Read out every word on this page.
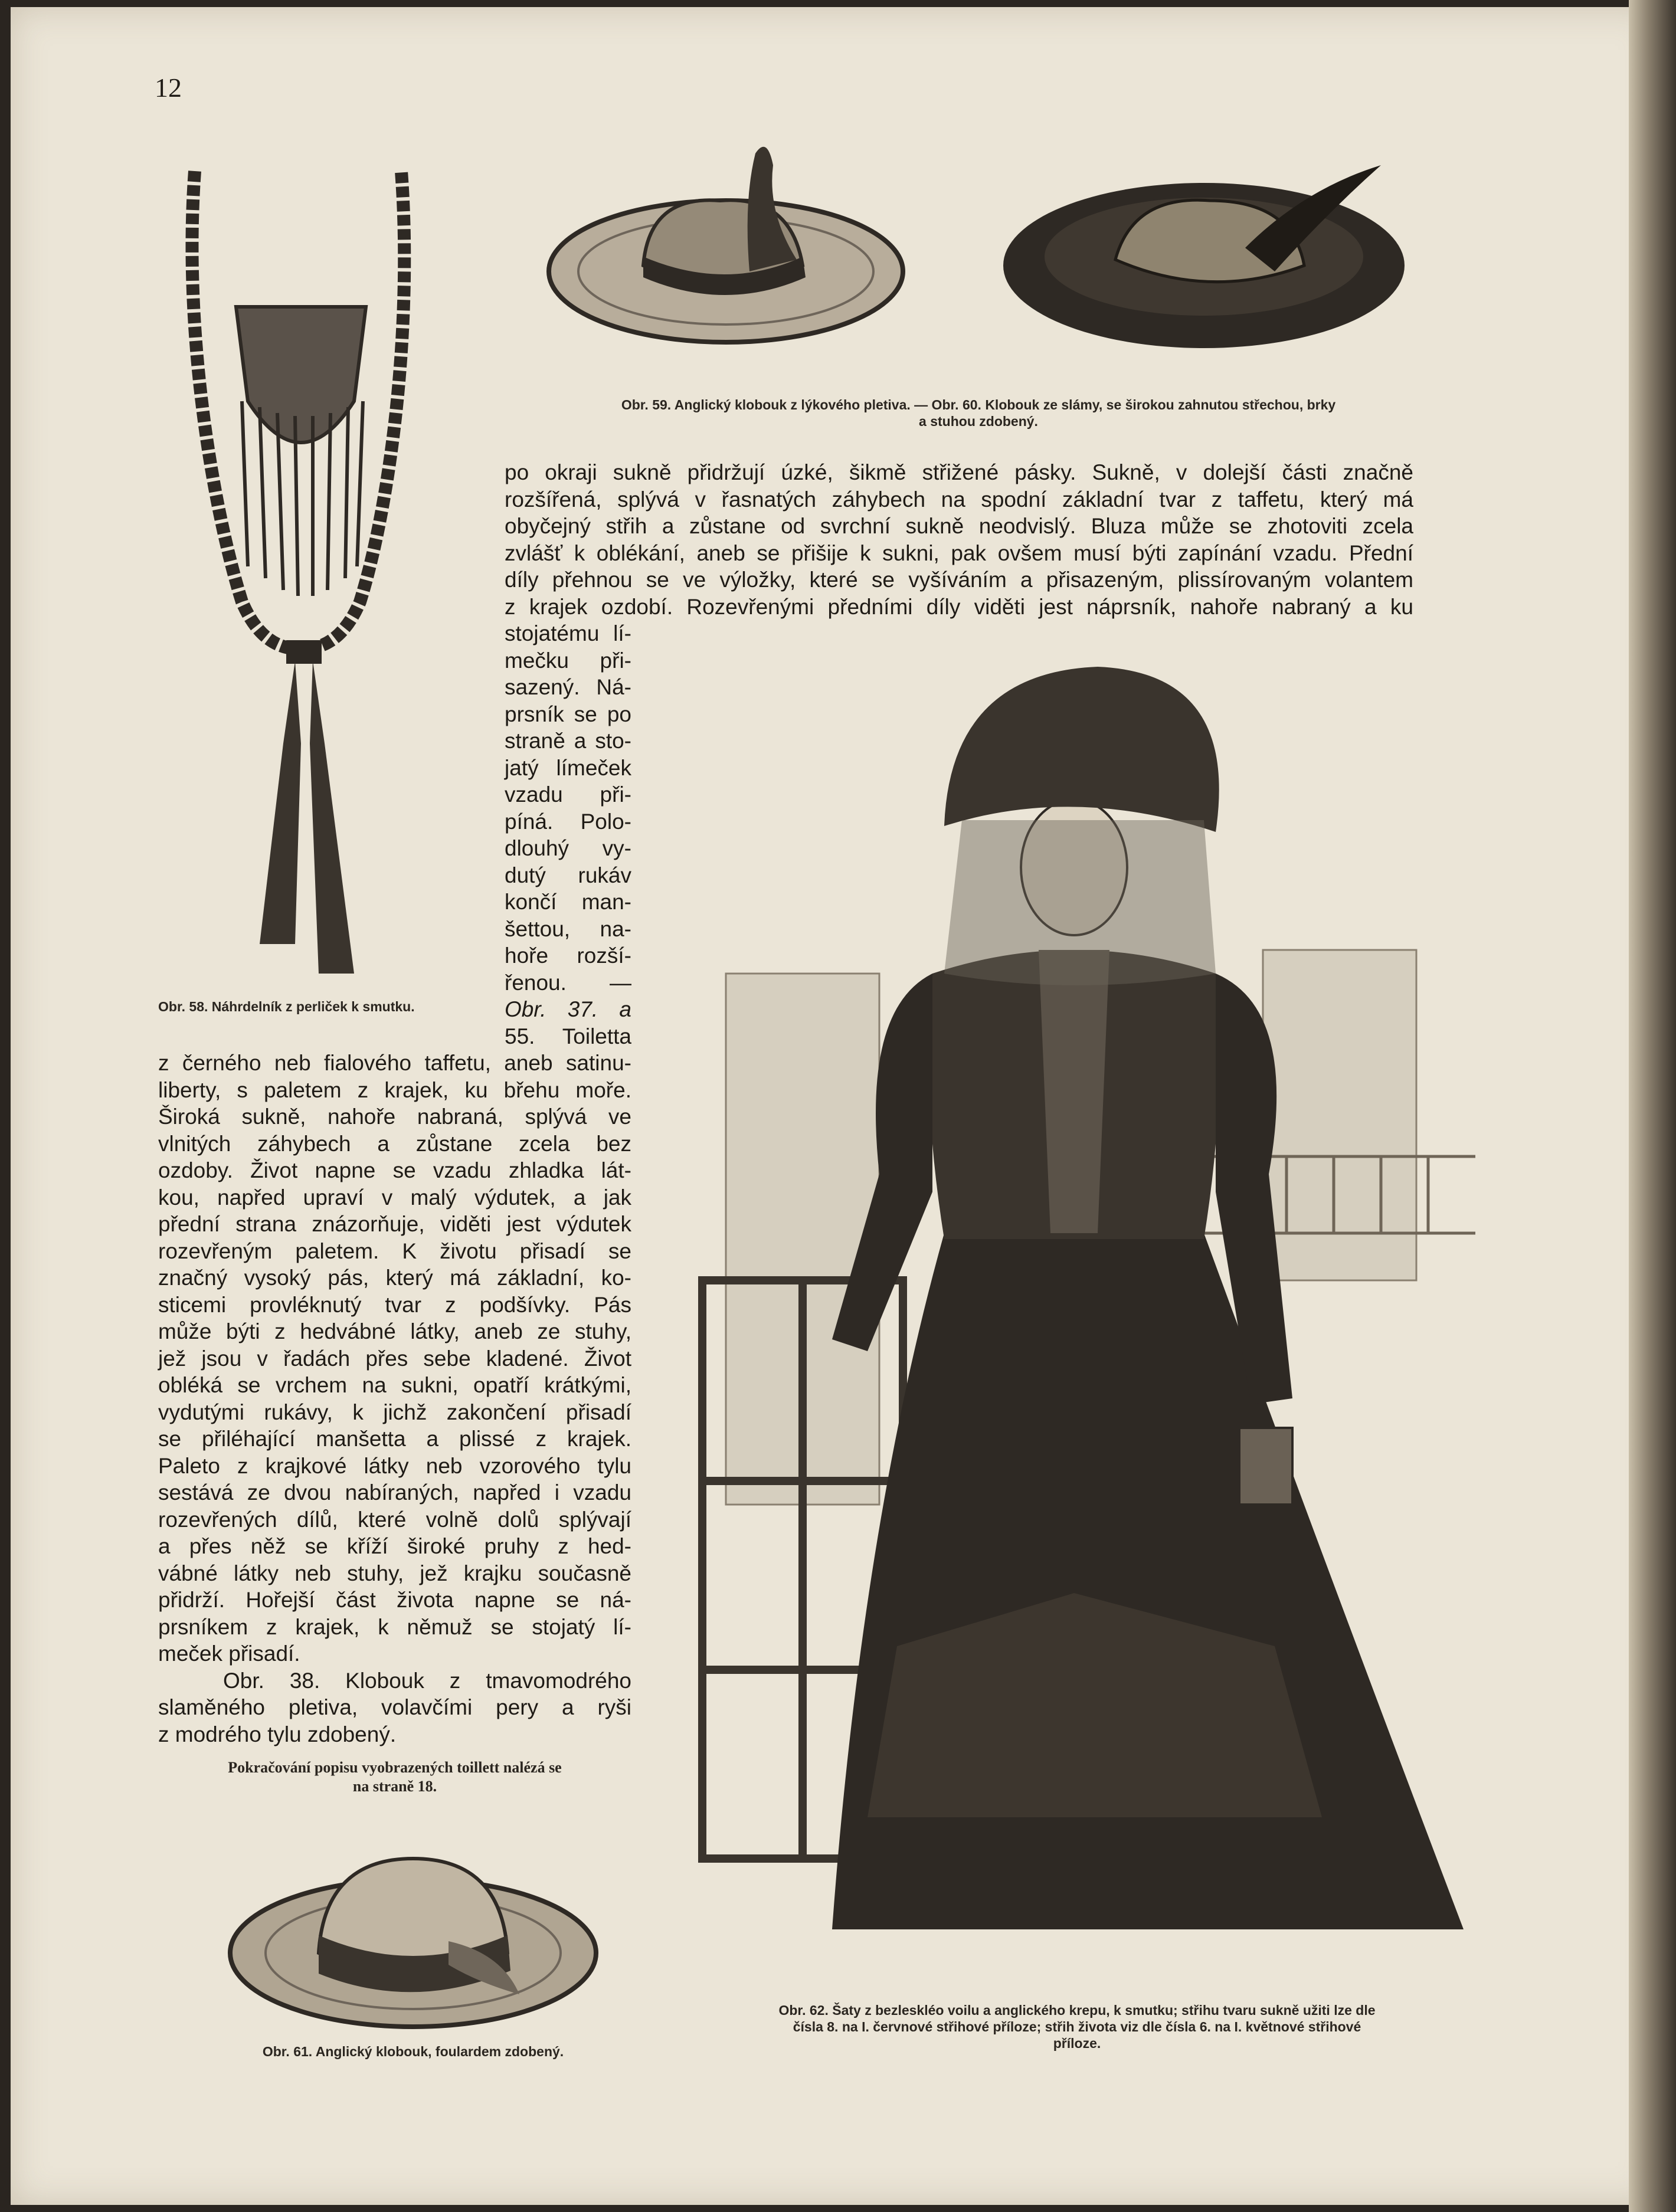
12
Obr. 58. Náhrdelník z perliček k smutku.
Obr. 59. Anglický klobouk z lýkového pletiva. — Obr. 60. Klobouk ze slámy, se širokou zahnutou střechou, brky
a stuhou zdobený.
po okraji sukně přidržují úzké, šikmě střižené pásky. Sukně, v dolejší části značně
rozšířená, splývá v řasnatých záhybech na spodní základní tvar z taffetu, který má
obyčejný střih a zůstane od svrchní sukně neodvislý. Bluza může se zhotoviti zcela
zvlášť k oblékání, aneb se přišije k sukni, pak ovšem musí býti zapínání vzadu. Přední
díly přehnou se ve výložky, které se vyšíváním a přisazeným, plissírovaným volantem
z krajek ozdobí. Rozevřenými předními díly viděti jest náprsník, nahoře nabraný a ku
stojatému lí-
mečku při-
sazený. Ná-
prsník se po
straně a sto-
jatý límeček
vzadu při-
píná. Polo-
dlouhý vy-
dutý rukáv
končí man-
šettou, na-
hoře rozší-
řenou. —
Obr. 37. a
55. Toiletta
z černého neb fialového taffetu, aneb satinu-
liberty, s paletem z krajek, ku břehu moře.
Široká sukně, nahoře nabraná, splývá ve
vlnitých záhybech a zůstane zcela bez
ozdoby. Život napne se vzadu zhladka lát-
kou, napřed upraví v malý výdutek, a jak
přední strana znázorňuje, viděti jest výdutek
rozevřeným paletem. K životu přisadí se
značný vysoký pás, který má základní, ko-
sticemi provléknutý tvar z podšívky. Pás
může býti z hedvábné látky, aneb ze stuhy,
jež jsou v řadách přes sebe kladené. Život
obléká se vrchem na sukni, opatří krátkými,
vydutými rukávy, k jichž zakončení přisadí
se přiléhající manšetta a plissé z krajek.
Paleto z krajkové látky neb vzorového tylu
sestává ze dvou nabíraných, napřed i vzadu
rozevřených dílů, které volně dolů splývají
a přes něž se kříží široké pruhy z hed-
vábné látky neb stuhy, jež krajku současně
přidrží. Hořejší část života napne se ná-
prsníkem z krajek, k němuž se stojatý lí-
meček přisadí.
Obr. 38. Klobouk z tmavomodrého
slaměného pletiva, volavčími pery a ryši
z modrého tylu zdobený.
Pokračování popisu vyobrazených toillett nalézá se
na straně 18.
Obr. 61. Anglický klobouk, foulardem zdobený.
Obr. 62. Šaty z bezleskléo voilu a anglického krepu, k smutku; střihu tvaru sukně užiti lze dle
čísla 8. na I. červnové střihové příloze; střih života viz dle čísla 6. na I. květnové střihové
příloze.
